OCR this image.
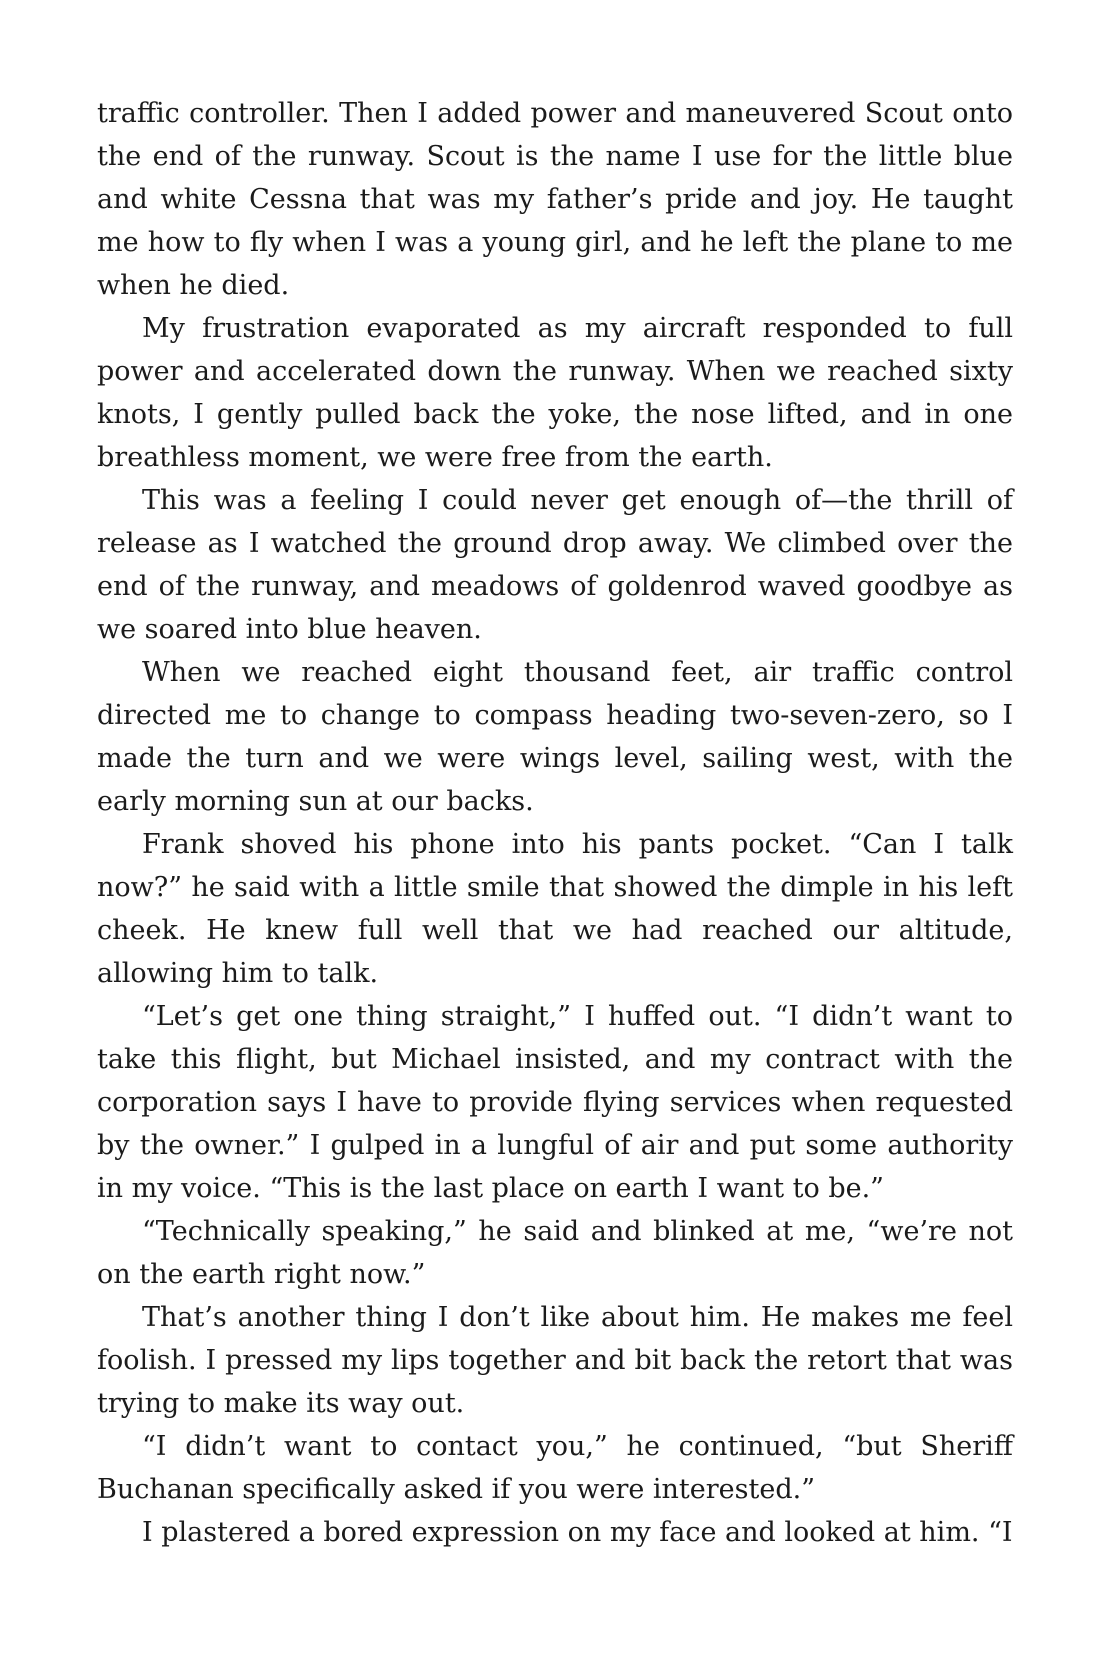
traffic controller. Then I added power and maneuvered Scout onto the end of the runway. Scout is the name I use for the little blue and white Cessna that was my father’s pride and joy. He taught me how to fly when I was a young girl, and he left the plane to me when he died.

My frustration evaporated as my aircraft responded to full power and accelerated down the runway. When we reached sixty knots, I gently pulled back the yoke, the nose lifted, and in one breathless moment, we were free from the earth.

This was a feeling I could never get enough of—the thrill of release as I watched the ground drop away. We climbed over the end of the runway, and meadows of goldenrod waved goodbye as we soared into blue heaven.

When we reached eight thousand feet, air traffic control directed me to change to compass heading two-seven-zero, so I made the turn and we were wings level, sailing west, with the early morning sun at our backs.

Frank shoved his phone into his pants pocket. “Can I talk now?” he said with a little smile that showed the dimple in his left cheek. He knew full well that we had reached our altitude, allowing him to talk.

“Let’s get one thing straight,” I huffed out. “I didn’t want to take this flight, but Michael insisted, and my contract with the corporation says I have to provide flying services when requested by the owner.” I gulped in a lungful of air and put some authority in my voice. “This is the last place on earth I want to be.”

“Technically speaking,” he said and blinked at me, “we’re not on the earth right now.”

That’s another thing I don’t like about him. He makes me feel foolish. I pressed my lips together and bit back the retort that was trying to make its way out.

“I didn’t want to contact you,” he continued, “but Sheriff Buchanan specifically asked if you were interested.”

I plastered a bored expression on my face and looked at him. “I
